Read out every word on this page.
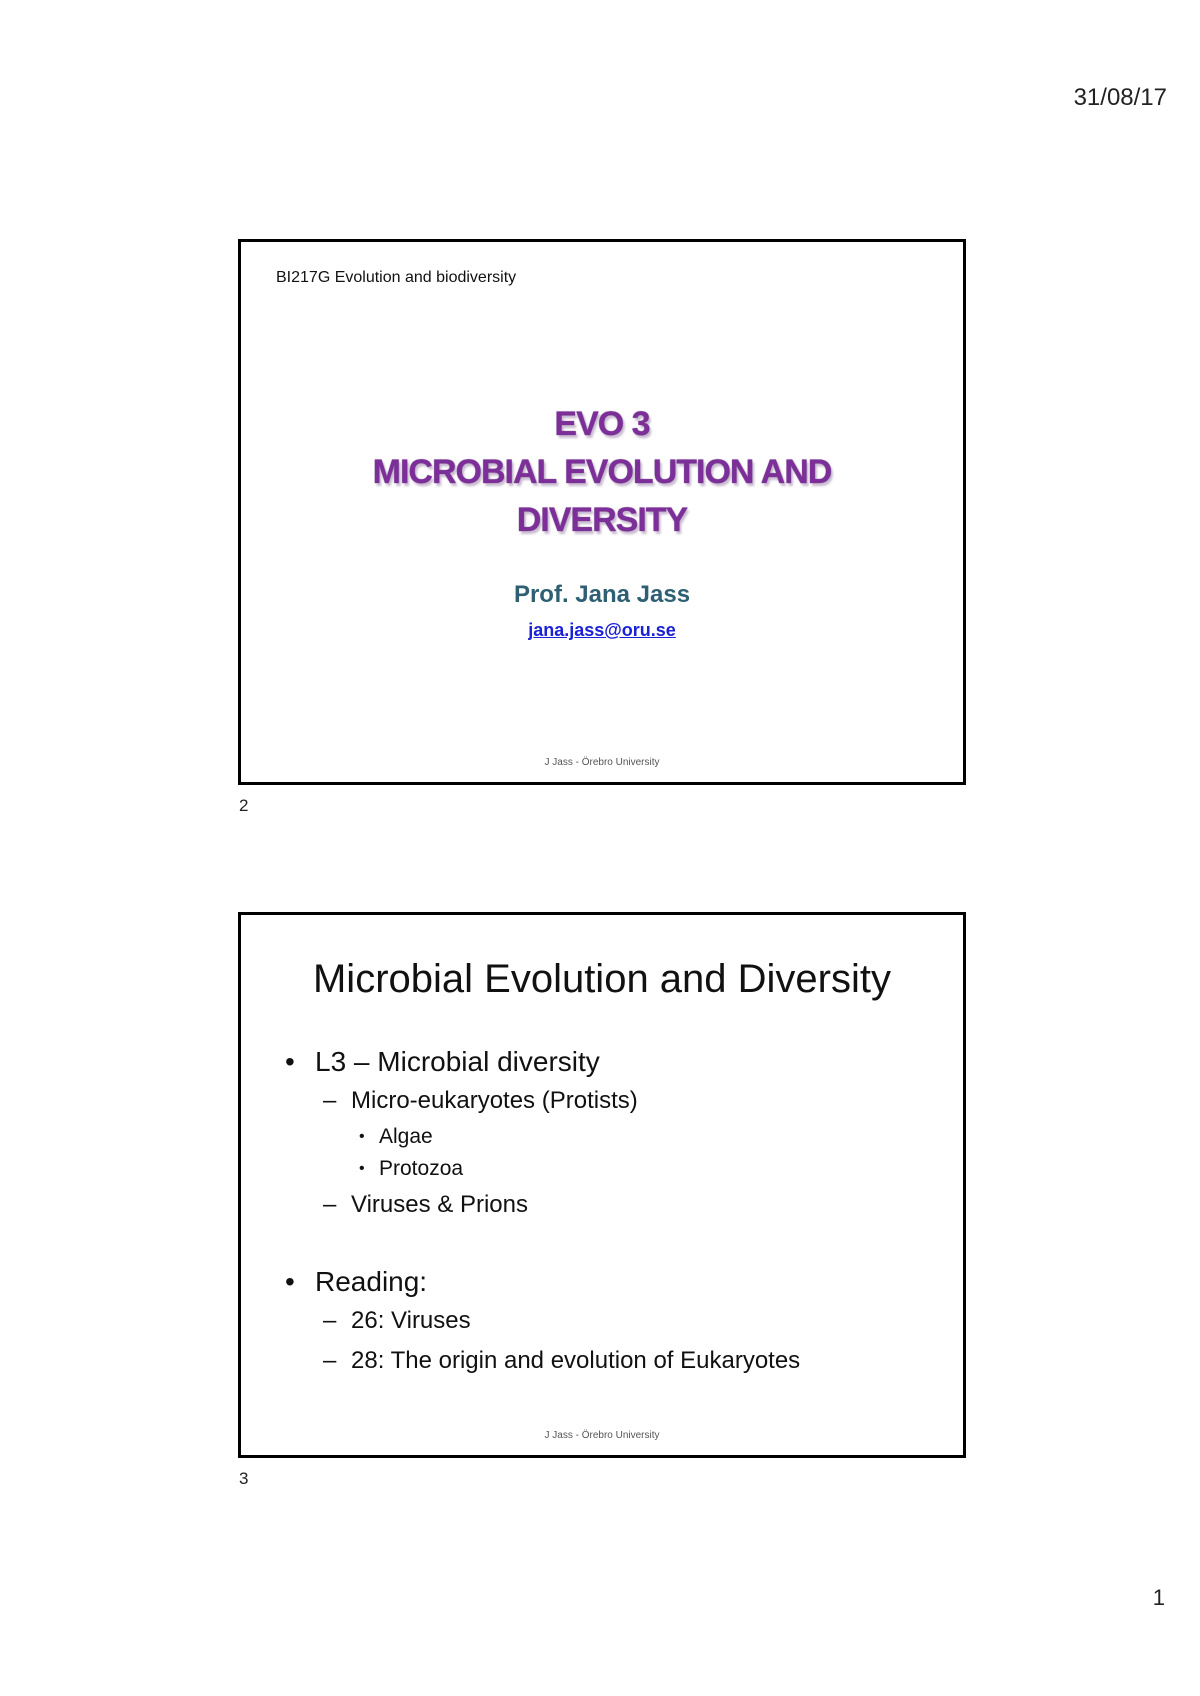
31/08/17
BI217G Evolution and biodiversity
EVO 3
MICROBIAL EVOLUTION AND
DIVERSITY
Prof. Jana Jass
jana.jass@oru.se
J Jass - Örebro University
2
Microbial Evolution and Diversity
• L3 – Microbial diversity
– Micro-eukaryotes (Protists)
• Algae
• Protozoa
– Viruses & Prions
• Reading:
– 26: Viruses
– 28: The origin and evolution of Eukaryotes
J Jass - Örebro University
3
1
